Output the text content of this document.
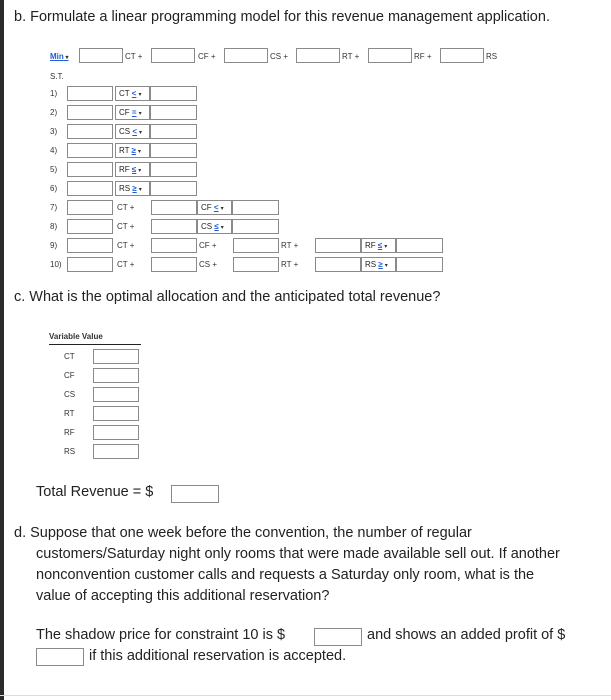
b. Formulate a linear programming model for this revenue management application.
Min ▾	CT +	CF +	CS +	RT +	RF +	RS
S.T.
1)	CT < ▾
2)	CF = ▾
3)	CS < ▾
4)	RT ≥ ▾
5)	RF ≤ ▾
6)	RS ≥ ▾
7)	CT +	CF < ▾
8)	CT +	CS ≤ ▾
9)	CT +	CF +	RT +	RF ≤ ▾
10)	CT +	CS +	RT +	RS ≥ ▾
c. What is the optimal allocation and the anticipated total revenue?
Variable Value
CT
CF
CS
RT
RF
RS
Total Revenue = $
d. Suppose that one week before the convention, the number of regular
customers/Saturday night only rooms that were made available sell out. If another
nonconvention customer calls and requests a Saturday only room, what is the
value of accepting this additional reservation?
The shadow price for constraint 10 is $	and shows an added profit of $
if this additional reservation is accepted.
